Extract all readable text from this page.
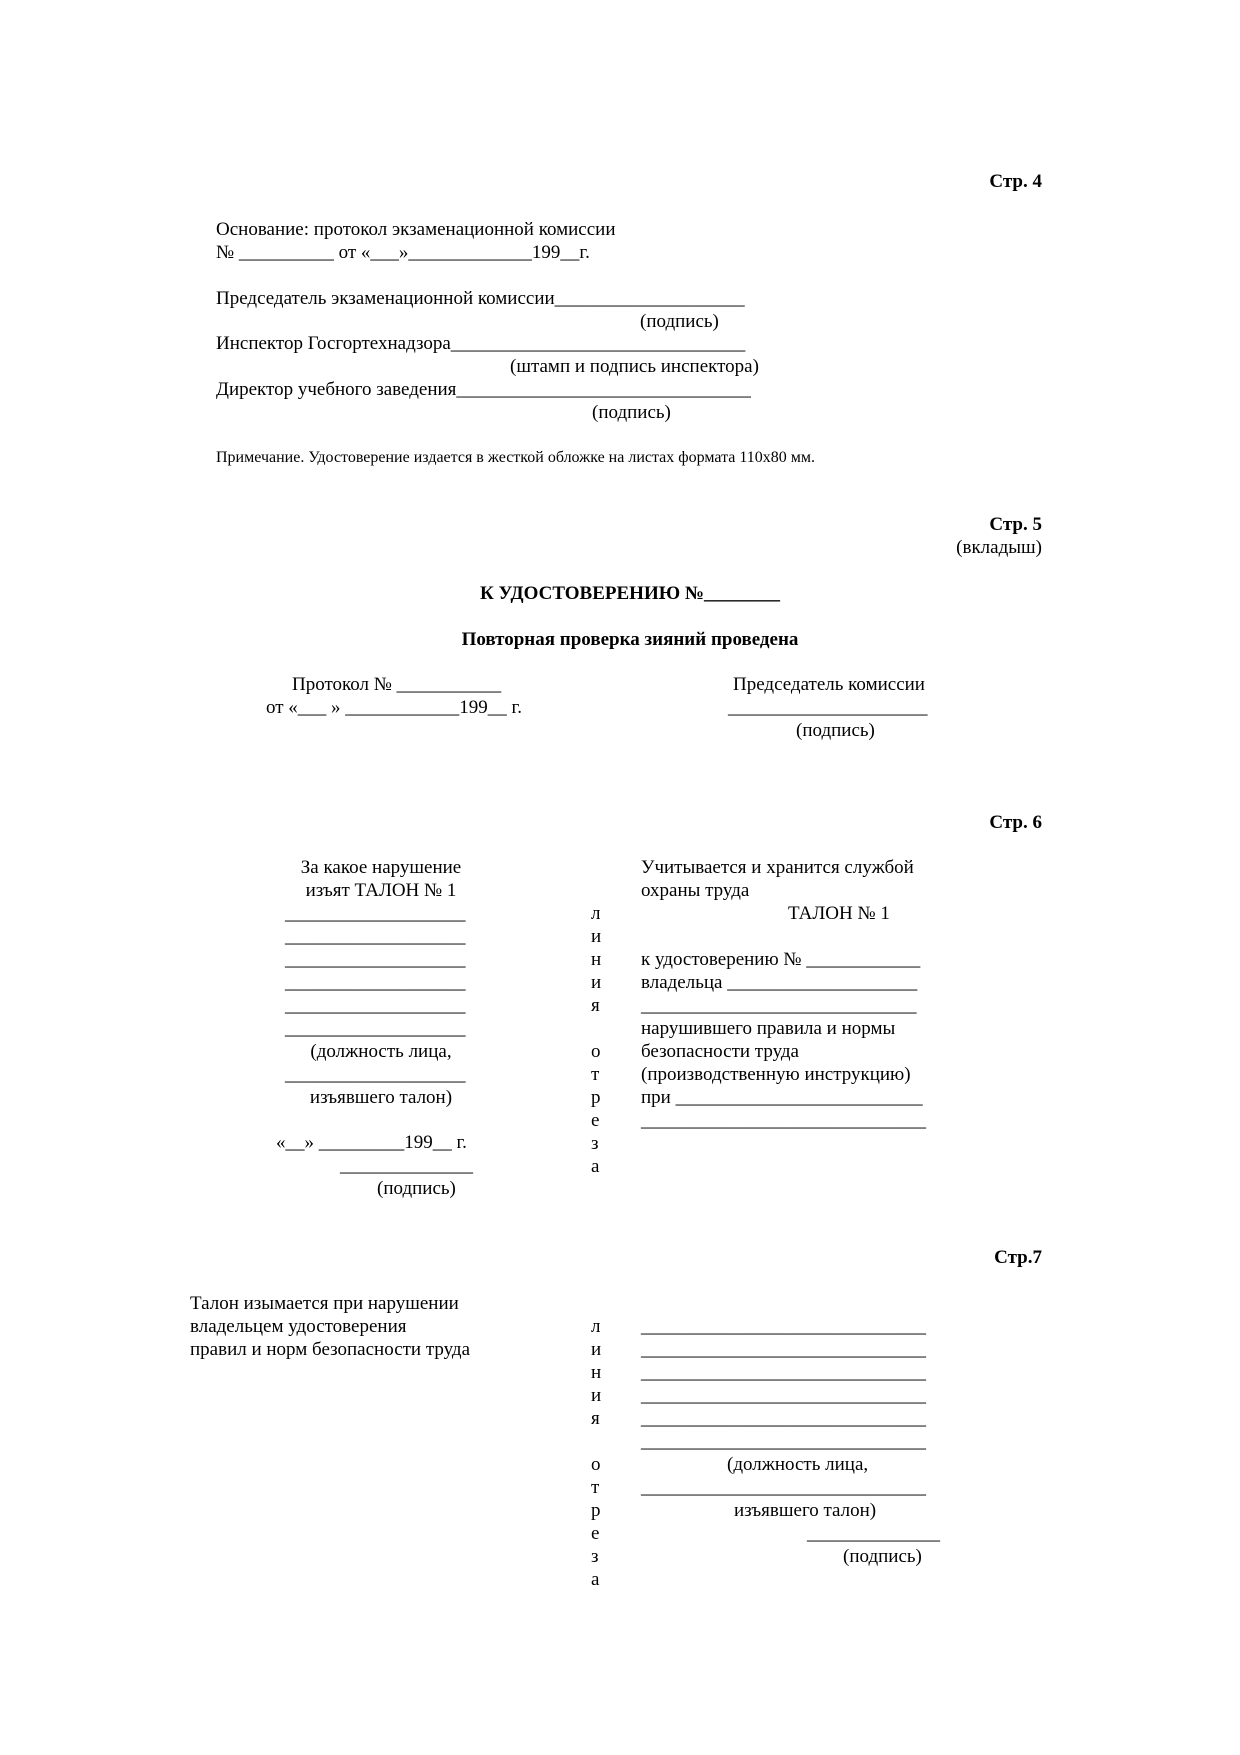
Стр. 4
Основание: протокол экзаменационной комиссии
№ __________ от «___»_____________199__г.
Председатель экзаменационной комиссии____________________
(подпись)
Инспектор Госгортехнадзора_______________________________
(штамп и подпись инспектора)
Директор учебного заведения_______________________________
(подпись)
Примечание. Удостоверение издается в жесткой обложке на листах формата 110х80 мм.
Стр. 5
(вкладыш)
К УДОСТОВЕРЕНИЮ №________
Повторная проверка зияний проведена
Протокол № ___________
от «___ » ____________199__ г.
Председатель комиссии
_____________________
(подпись)
Стр. 6
За какое нарушение
изъят ТАЛОН № 1
___________________
___________________
___________________
___________________
___________________
___________________
(должность лица,
___________________
изъявшего талон)
«__» _________199__ г.
______________
(подпись)
л
и
н
и
я
о
т
р
е
з
а
Учитывается и хранится службой
охраны труда
ТАЛОН № 1
к удостоверению № ____________
владельца ____________________
_____________________________
нарушившего правила и нормы
безопасности труда
(производственную инструкцию)
при __________________________
______________________________
Стр.7
Талон изымается при нарушении
владельцем удостоверения
правил и норм безопасности труда
л
и
н
и
я
о
т
р
е
з
а
______________________________
______________________________
______________________________
______________________________
______________________________
______________________________
(должность лица,
______________________________
изъявшего талон)
______________
(подпись)
